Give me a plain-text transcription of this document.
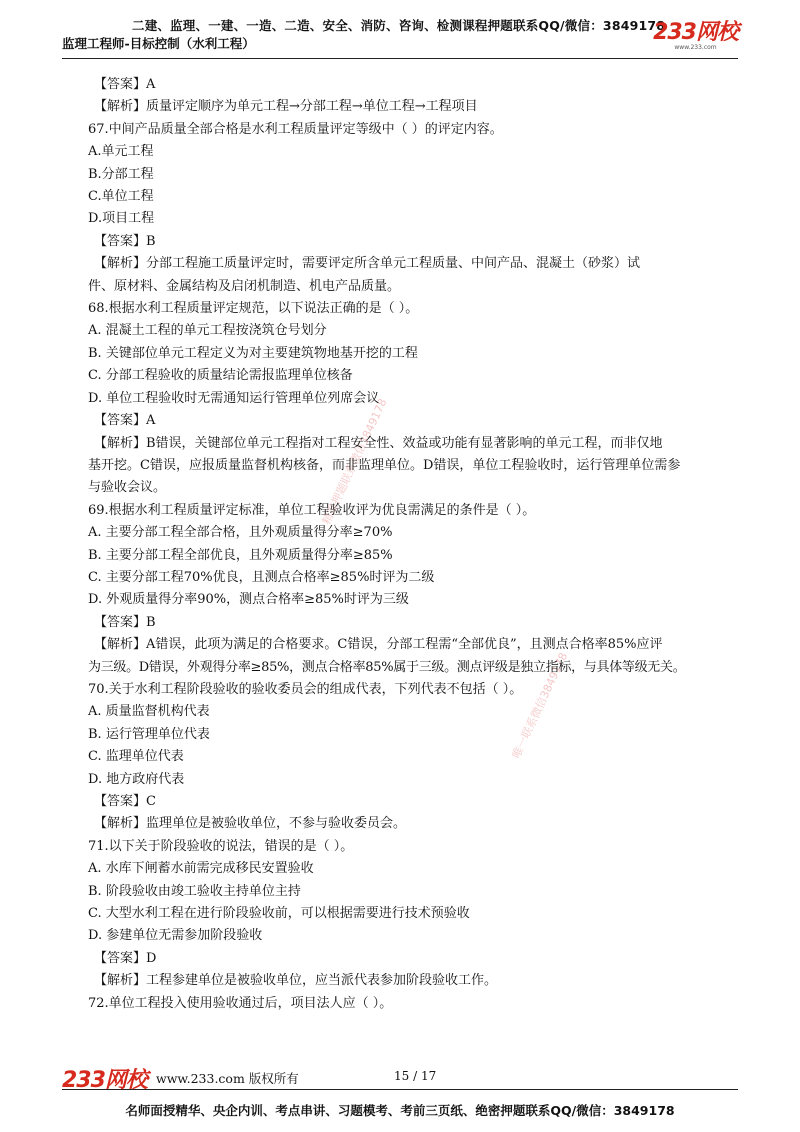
二建、监理、一建、一造、二造、安全、消防、咨询、检测课程押题联系QQ/微信：3849178
监理工程师-目标控制（水利工程）	233网校
www.233.com
精准押题联系微信3849178
唯一联系微信3849178
【答案】A
【解析】质量评定顺序为单元工程→分部工程→单位工程→工程项目
67.中间产品质量全部合格是水利工程质量评定等级中（ ）的评定内容。
A.单元工程
B.分部工程
C.单位工程
D.项目工程
【答案】B
【解析】分部工程施工质量评定时，需要评定所含单元工程质量、中间产品、混凝土（砂浆）试
件、原材料、金属结构及启闭机制造、机电产品质量。
68.根据水利工程质量评定规范，以下说法正确的是（ ）。
A. 混凝土工程的单元工程按浇筑仓号划分
B. 关键部位单元工程定义为对主要建筑物地基开挖的工程
C. 分部工程验收的质量结论需报监理单位核备
D. 单位工程验收时无需通知运行管理单位列席会议
【答案】A
【解析】B错误，关键部位单元工程指对工程安全性、效益或功能有显著影响的单元工程，而非仅地
基开挖。C错误，应报质量监督机构核备，而非监理单位。D错误，单位工程验收时，运行管理单位需参
与验收会议。
69.根据水利工程质量评定标准，单位工程验收评为优良需满足的条件是（ ）。
A. 主要分部工程全部合格，且外观质量得分率≥70%
B. 主要分部工程全部优良，且外观质量得分率≥85%
C. 主要分部工程70%优良，且测点合格率≥85%时评为二级
D. 外观质量得分率90%，测点合格率≥85%时评为三级
【答案】B
【解析】A错误，此项为满足的合格要求。C错误，分部工程需“全部优良”，且测点合格率85%应评
为三级。D错误，外观得分率≥85%，测点合格率85%属于三级。测点评级是独立指标，与具体等级无关。
70.关于水利工程阶段验收的验收委员会的组成代表，下列代表不包括（ ）。
A. 质量监督机构代表
B. 运行管理单位代表
C. 监理单位代表
D. 地方政府代表
【答案】C
【解析】监理单位是被验收单位，不参与验收委员会。
71.以下关于阶段验收的说法，错误的是（ ）。
A. 水库下闸蓄水前需完成移民安置验收
B. 阶段验收由竣工验收主持单位主持
C. 大型水利工程在进行阶段验收前，可以根据需要进行技术预验收
D. 参建单位无需参加阶段验收
【答案】D
【解析】工程参建单位是被验收单位，应当派代表参加阶段验收工作。
72.单位工程投入使用验收通过后，项目法人应（ ）。
233网校 www.233.com 版权所有	15 / 17
名师面授精华、央企内训、考点串讲、习题模考、考前三页纸、绝密押题联系QQ/微信：3849178
